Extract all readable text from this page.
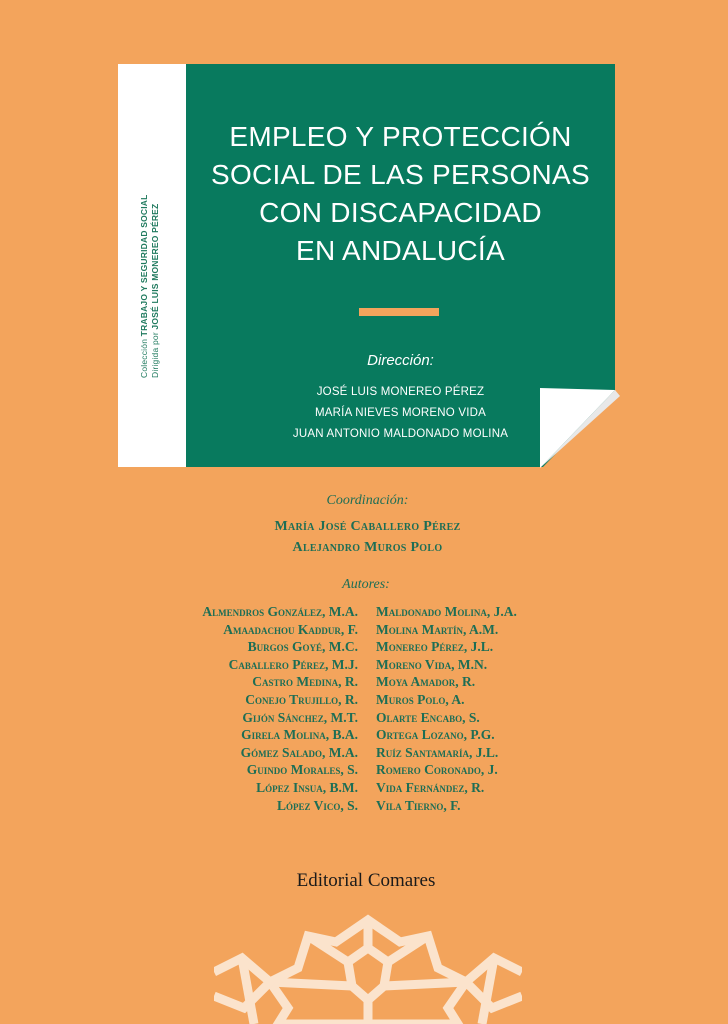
Colección TRABAJO Y SEGURIDAD SOCIAL
Dirigida por JOSÉ LUIS MONEREO PÉREZ
EMPLEO Y PROTECCIÓN
SOCIAL DE LAS PERSONAS
CON DISCAPACIDAD
EN ANDALUCÍA
Dirección:
JOSÉ LUIS MONEREO PÉREZ
MARÍA NIEVES MORENO VIDA
JUAN ANTONIO MALDONADO MOLINA
Coordinación:
María José Caballero Pérez
Alejandro Muros Polo
Autores:
Almendros González, M.A.
Amaadachou Kaddur, F.
Burgos Goyé, M.C.
Caballero Pérez, M.J.
Castro Medina, R.
Conejo Trujillo, R.
Gijón Sánchez, M.T.
Girela Molina, B.A.
Gómez Salado, M.A.
Guindo Morales, S.
López Insua, B.M.
López Vico, S.
Maldonado Molina, J.A.
Molina Martín, A.M.
Monereo Pérez, J.L.
Moreno Vida, M.N.
Moya Amador, R.
Muros Polo, A.
Olarte Encabo, S.
Ortega Lozano, P.G.
Ruíz Santamaría, J.L.
Romero Coronado, J.
Vida Fernández, R.
Vila Tierno, F.
Editorial Comares
